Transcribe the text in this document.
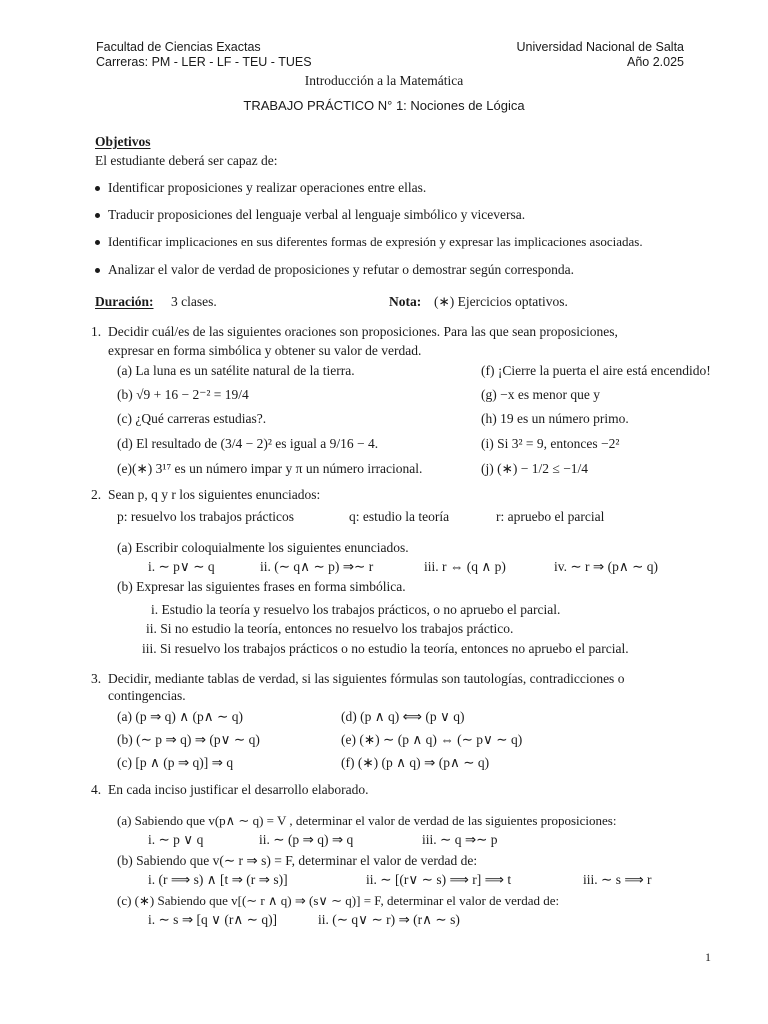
Facultad de Ciencias Exactas	Universidad Nacional de Salta
Carreras: PM - LER - LF - TEU - TUES	Año 2.025
Introducción a la Matemática
TRABAJO PRÁCTICO N° 1: Nociones de Lógica
Objetivos
El estudiante deberá ser capaz de:
Identificar proposiciones y realizar operaciones entre ellas.
Traducir proposiciones del lenguaje verbal al lenguaje simbólico y viceversa.
Identificar implicaciones en sus diferentes formas de expresión y expresar las implicaciones asociadas.
Analizar el valor de verdad de proposiciones y refutar o demostrar según corresponda.
Duración: 3 clases.	Nota: (∗) Ejercicios optativos.
1. Decidir cuál/es de las siguientes oraciones son proposiciones. Para las que sean proposiciones,
expresar en forma simbólica y obtener su valor de verdad.
(a) La luna es un satélite natural de la tierra.
(b) √9 + 16 − 2⁻² = 19/4
(c) ¿Qué carreras estudias?.
(d) El resultado de (3/4 − 2)² es igual a 9/16 − 4.
(e)(∗) 3¹⁷ es un número impar y π un número irracional.
(f) ¡Cierre la puerta el aire está encendido!
(g) −x es menor que y
(h) 19 es un número primo.
(i) Si 3² = 9, entonces −2²
(j) (∗) − 1/2 ≤ −1/4
2. Sean p, q y r los siguientes enunciados:
p: resuelvo los trabajos prácticos	q: estudio la teoría	r: apruebo el parcial
(a) Escribir coloquialmente los siguientes enunciados.
i. ∼ p∨ ∼ q	ii. (∼ q∧ ∼ p) ⇒∼ r	iii. r ⇔ (q ∧ p)	iv. ∼ r ⇒ (p∧ ∼ q)
(b) Expresar las siguientes frases en forma simbólica.
i. Estudio la teoría y resuelvo los trabajos prácticos, o no apruebo el parcial.
ii. Si no estudio la teoría, entonces no resuelvo los trabajos práctico.
iii. Si resuelvo los trabajos prácticos o no estudio la teoría, entonces no apruebo el parcial.
3. Decidir, mediante tablas de verdad, si las siguientes fórmulas son tautologías, contradicciones o
contingencias.
(a) (p ⇒ q) ∧ (p∧ ∼ q)
(b) (∼ p ⇒ q) ⇒ (p∨ ∼ q)
(c) [p ∧ (p ⇒ q)] ⇒ q
(d) (p ∧ q) ⟺ (p ∨ q)
(e) (∗) ∼ (p ∧ q) ⇔ (∼ p∨ ∼ q)
(f) (∗) (p ∧ q) ⇒ (p∧ ∼ q)
4. En cada inciso justificar el desarrollo elaborado.
(a) Sabiendo que v(p∧ ∼ q) = V , determinar el valor de verdad de las siguientes proposiciones:
i. ∼ p ∨ q	ii. ∼ (p ⇒ q) ⇒ q	iii. ∼ q ⇒∼ p
(b) Sabiendo que v(∼ r ⇒ s) = F, determinar el valor de verdad de:
i. (r ⟹ s) ∧ [t ⇒ (r ⇒ s)]	ii. ∼ [(r∨ ∼ s) ⟹ r] ⟹ t	iii. ∼ s ⟹ r
(c) (∗) Sabiendo que v[(∼ r ∧ q) ⇒ (s∨ ∼ q)] = F, determinar el valor de verdad de:
i. ∼ s ⇒ [q ∨ (r∧ ∼ q)]	ii. (∼ q∨ ∼ r) ⇒ (r∧ ∼ s)
1
